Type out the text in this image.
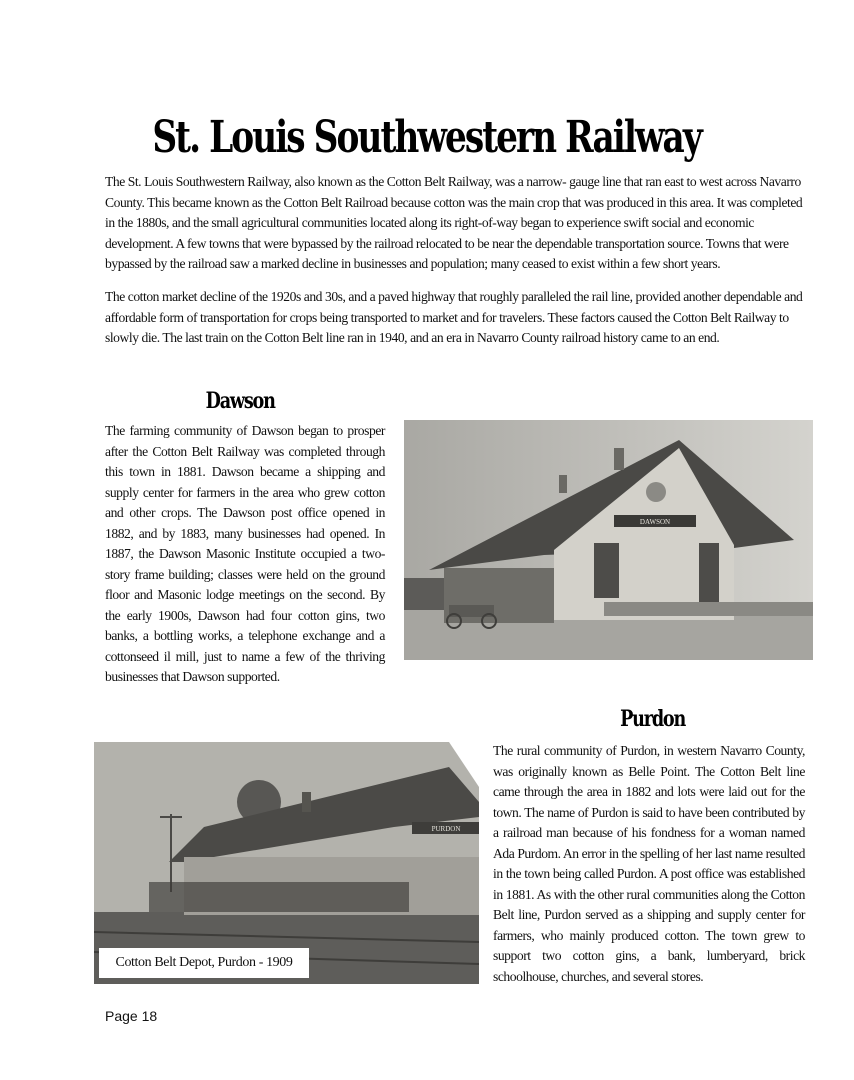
St. Louis Southwestern Railway

The St. Louis Southwestern Railway, also known as the Cotton Belt Railway, was a narrow- gauge line that ran east to west across Navarro County. This became known as the Cotton Belt Railroad because cotton was the main crop that was produced in this area. It was completed in the 1880s, and the small agricultural communities located along its right-of-way began to experience swift social and economic development. A few towns that were bypassed by the railroad relocated to be near the dependable transportation source. Towns that were bypassed by the railroad saw a marked decline in businesses and population; many ceased to exist within a few short years.

The cotton market decline of the 1920s and 30s, and a paved highway that roughly paralleled the rail line, provided another dependable and affordable form of transportation for crops being transported to market and for travelers. These factors caused the Cotton Belt Railway to slowly die. The last train on the Cotton Belt line ran in 1940, and an era in Navarro County railroad history came to an end.

Dawson

The farming community of Dawson began to prosper after the Cotton Belt Railway was completed through this town in 1881. Dawson became a shipping and supply center for farmers in the area who grew cotton and other crops. The Dawson post office opened in 1882, and by 1883, many businesses had opened. In 1887, the Dawson Masonic Institute occupied a two-story frame building; classes were held on the ground floor and Masonic lodge meetings on the second. By the early 1900s, Dawson had four cotton gins, two banks, a bottling works, a telephone exchange and a cottonseed il mill, just to name a few of the thriving businesses that Dawson supported.

DAWSON
Purdon

The rural community of Purdon, in western Navarro County, was originally known as Belle Point. The Cotton Belt line came through the area in 1882 and lots were laid out for the town. The name of Purdon is said to have been contributed by a railroad man because of his fondness for a woman named Ada Purdom. An error in the spelling of her last name resulted in the town being called Purdon. A post office was established in 1881. As with the other rural communities along the Cotton Belt line, Purdon served as a shipping and supply center for farmers, who mainly produced cotton. The town grew to support two cotton gins, a bank, lumberyard, brick schoolhouse, churches, and several stores.

PURDON
Cotton Belt Depot, Purdon - 1909
Page 18
